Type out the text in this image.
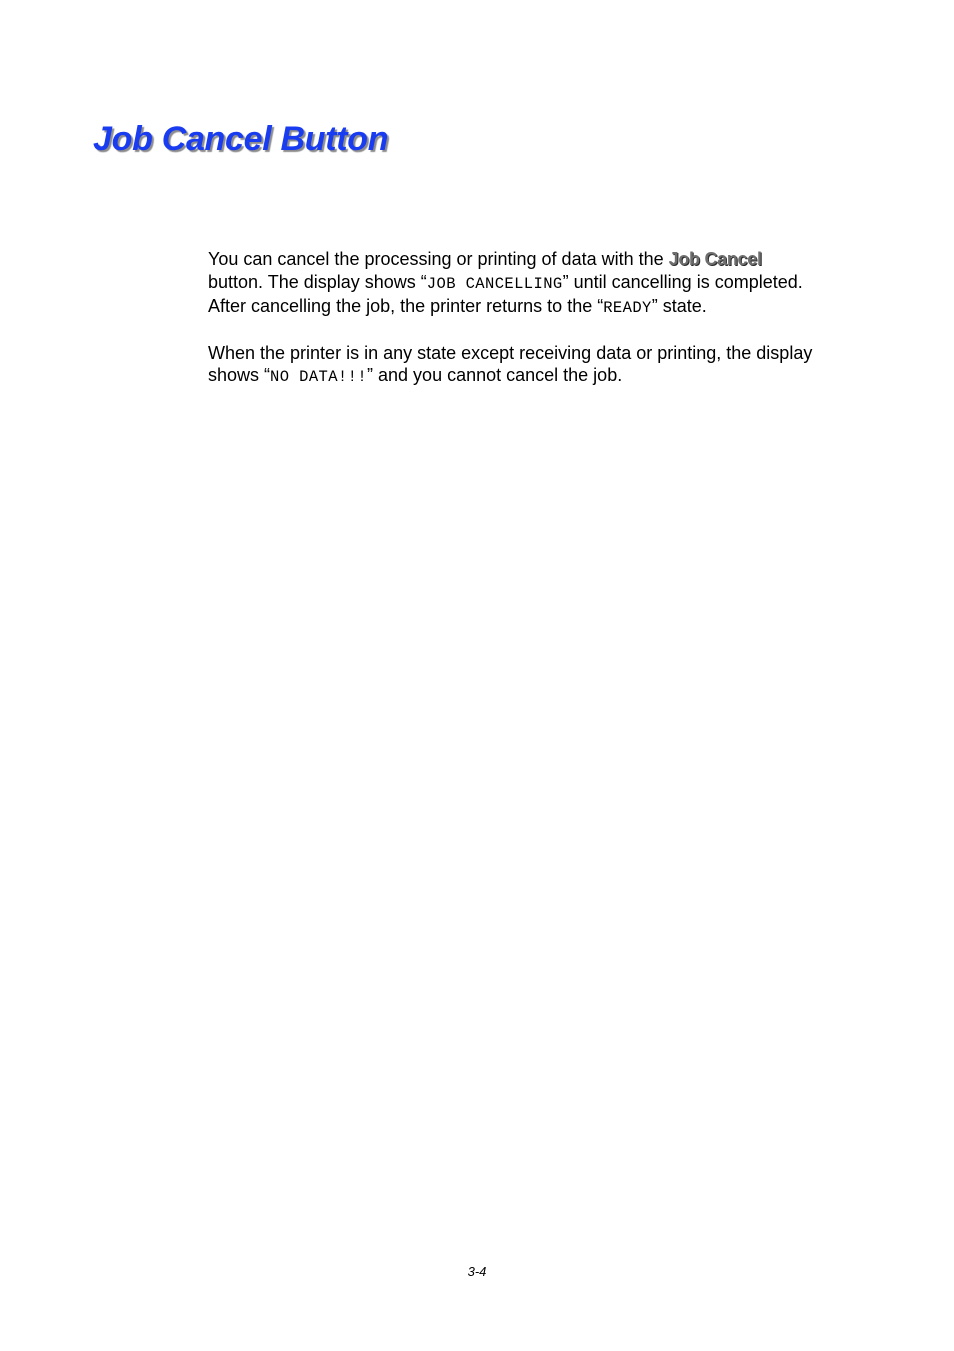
Job Cancel Button

You can cancel the processing or printing of data with the Job Cancel
button. The display shows “JOB CANCELLING” until cancelling is completed.
After cancelling the job, the printer returns to the “READY” state.

When the printer is in any state except receiving data or printing, the display
shows “NO DATA!!!” and you cannot cancel the job.

3-4
